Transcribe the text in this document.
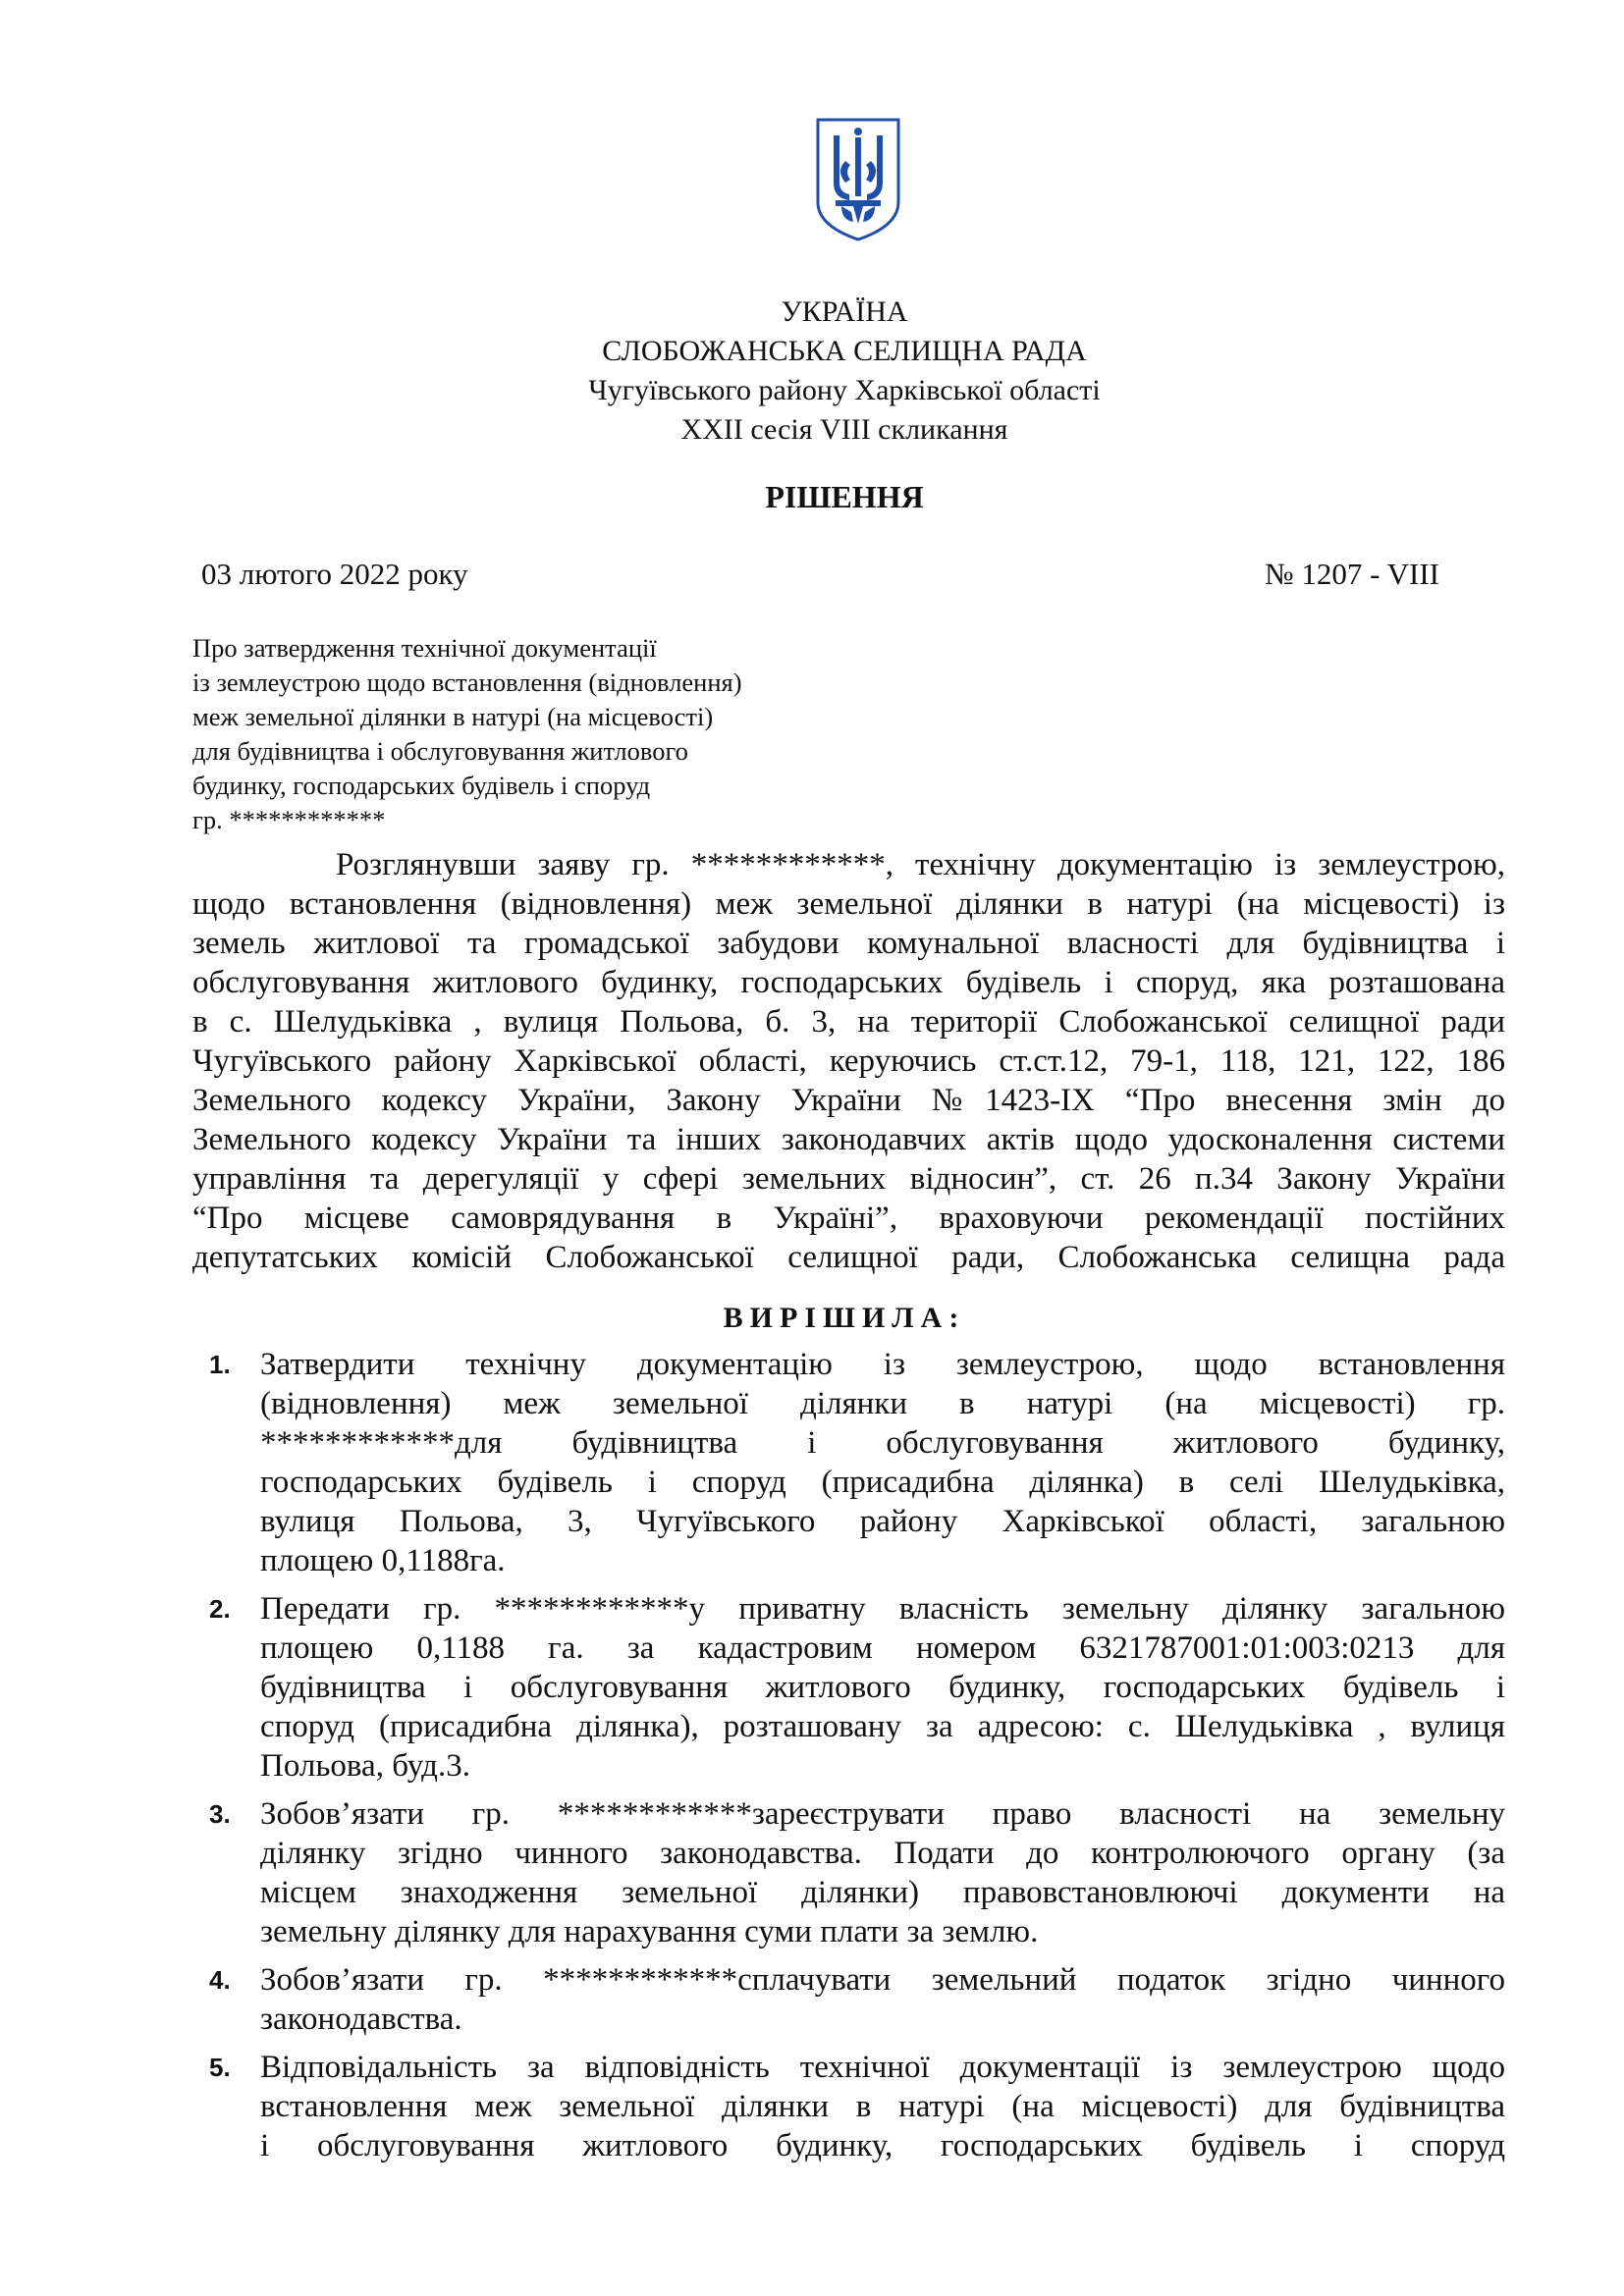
УКРАЇНА
СЛОБОЖАНСЬКА СЕЛИЩНА РАДА
Чугуївського району Харківської області
XXII сесія VIII скликання
РІШЕННЯ
03 лютого 2022 року	№ 1207 - VIII
Про затвердження технічної документації
із землеустрою щодо встановлення (відновлення)
меж земельної ділянки в натурі (на місцевості)
для будівництва і обслуговування житлового
будинку, господарських будівель і споруд
гр. ************
Розглянувши заяву гр. ************, технічну документацію із землеустрою,
щодо встановлення (відновлення) меж земельної ділянки в натурі (на місцевості) із
земель житлової та громадської забудови комунальної власності для будівництва і
обслуговування житлового будинку, господарських будівель і споруд, яка розташована
в с. Шелудьківка , вулиця Польова, б. 3, на території Слобожанської селищної ради
Чугуївського району Харківської області, керуючись ст.ст.12, 79-1, 118, 121, 122, 186
Земельного кодексу України, Закону України №1423-IX “Про внесення змін до
Земельного кодексу України та інших законодавчих актів щодо удосконалення системи
управління та дерегуляції у сфері земельних відносин”, ст. 26 п.34 Закону України
“Про місцеве самоврядування в Україні”, враховуючи рекомендації постійних
депутатських комісій Слобожанської селищної ради, Слобожанська селищна рада
ВИРІШИЛА:
1. Затвердити технічну документацію із землеустрою, щодо встановлення
(відновлення) меж земельної ділянки в натурі (на місцевості) гр.
************для будівництва і обслуговування житлового будинку,
господарських будівель і споруд (присадибна ділянка) в селі Шелудьківка,
вулиця Польова, 3, Чугуївського району Харківської області, загальною
площею 0,1188га.
2. Передати гр. ************у приватну власність земельну ділянку загальною
площею 0,1188 га. за кадастровим номером 6321787001:01:003:0213 для
будівництва і обслуговування житлового будинку, господарських будівель і
споруд (присадибна ділянка), розташовану за адресою: с. Шелудьківка , вулиця
Польова, буд.3.
3. Зобов’язати гр. ************зареєструвати право власності на земельну
ділянку згідно чинного законодавства. Подати до контролюючого органу (за
місцем знаходження земельної ділянки) правовстановлюючі документи на
земельну ділянку для нарахування суми плати за землю.
4. Зобов’язати гр. ************сплачувати земельний податок згідно чинного
законодавства.
5. Відповідальність за відповідність технічної документації із землеустрою щодо
встановлення меж земельної ділянки в натурі (на місцевості) для будівництва
і обслуговування житлового будинку, господарських будівель і споруд
